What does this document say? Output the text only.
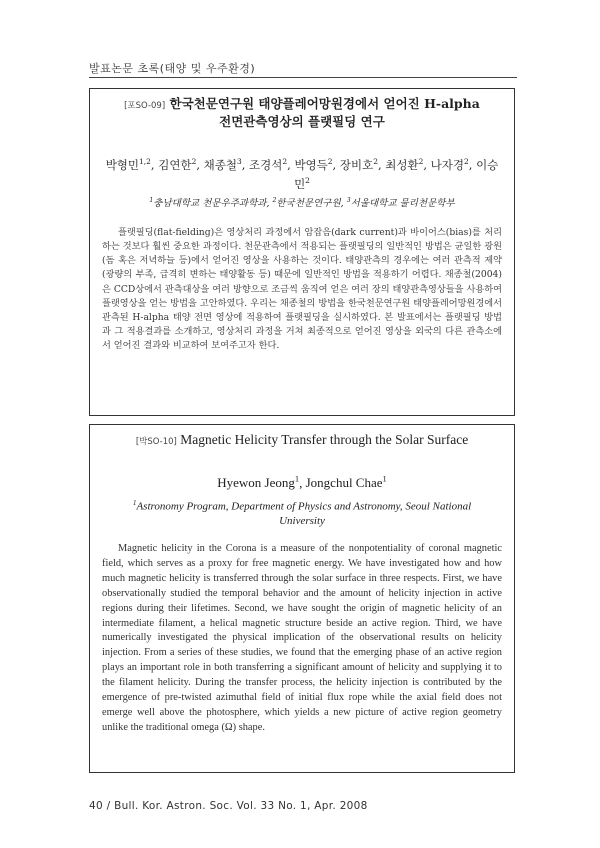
발표논문 초록(태양 및 우주환경)

[포SO-09] 한국천문연구원 태양플레어망원경에서 얻어진 H-alpha
전면관측영상의 플랫필딩 연구

박형민$^{1,2}$, 김연한$^2$, 채종철$^3$, 조경석$^2$, 박영득$^2$, 장비호$^2$, 최성환$^2$, 나자경$^2$, 이승민$^2$

$^1$충남대학교 천문우주과학과, $^2$한국천문연구원, $^3$서울대학교 물리천문학부

플랫필딩(flat-fielding)은 영상처리 과정에서 암잡음(dark current)과 바이어스(bias)를 처리하는 것보다 훨씬 중요한 과정이다. 천문관측에서 적용되는 플랫필딩의 일반적인 방법은 균일한 광원(돔 혹은 저녁하늘 등)에서 얻어진 영상을 사용하는 것이다. 태양관측의 경우에는 여러 관측적 제약(광량의 부족, 급격히 변하는 태양활동 등) 때문에 일반적인 방법을 적용하기 어렵다. 채종철(2004)은 CCD상에서 관측대상을 여러 방향으로 조금씩 움직여 얻은 여러 장의 태양관측영상들을 사용하여 플랫영상을 얻는 방법을 고안하였다. 우리는 채종철의 방법을 한국천문연구원 태양플레어망원경에서 관측된 H-alpha 태양 전면 영상에 적용하여 플랫필딩을 실시하였다. 본 발표에서는 플랫필딩 방법과 그 적용결과를 소개하고, 영상처리 과정을 거쳐 최종적으로 얻어진 영상을 외국의 다른 관측소에서 얻어진 결과와 비교하여 보여주고자 한다.

[박SO-10] Magnetic Helicity Transfer through the Solar Surface

Hyewon Jeong$^1$, Jongchul Chae$^1$

$^1$Astronomy Program, Department of Physics and Astronomy, Seoul National University

Magnetic helicity in the Corona is a measure of the nonpotentiality of coronal magnetic field, which serves as a proxy for free magnetic energy. We have investigated how and how much magnetic helicity is transferred through the solar surface in three respects. First, we have observationally studied the temporal behavior and the amount of helicity injection in active regions during their lifetimes. Second, we have sought the origin of magnetic helicity of an intermediate filament, a helical magnetic structure beside an active region. Third, we have numerically investigated the physical implication of the observational results on helicity injection. From a series of these studies, we found that the emerging phase of an active region plays an important role in both transferring a significant amount of helicity and supplying it to the filament helicity. During the transfer process, the helicity injection is contributed by the emergence of pre-twisted azimuthal field of initial flux rope while the axial field does not emerge well above the photosphere, which yields a new picture of active region geometry unlike the traditional omega (Ω) shape.

40 / Bull. Kor. Astron. Soc. Vol. 33 No. 1, Apr. 2008
